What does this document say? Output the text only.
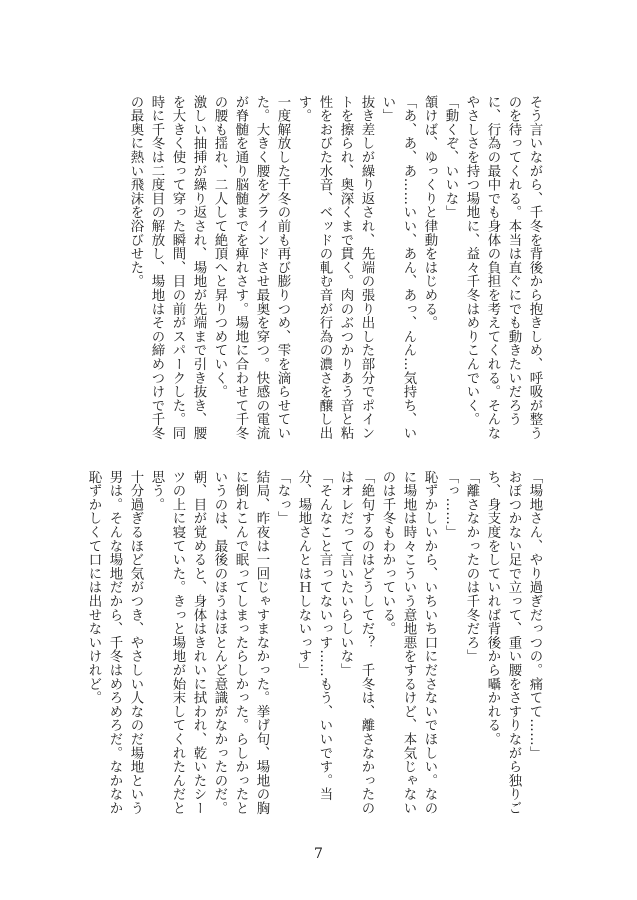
そう言いながら、千冬を背後から抱きしめ、呼吸が整うのを待ってくれる。本当は直ぐにでも動きたいだろうに、行為の最中でも身体の負担を考えてくれる。そんなやさしさを持つ場地に、益々千冬はめりこんでいく。

「動くぞ、いいな」

頷けば、ゆっくりと律動をはじめる。

「あ、あ、あ……いい、あん、あっ、んん…気持ち、いい」

抜き差しが繰り返され、先端の張り出した部分でポイントを擦られ、奥深くまで貫く。肉のぶつかりあう音と粘性をおびた水音、ベッドの軋む音が行為の濃さを醸し出す。

一度解放した千冬の前も再び膨りつめ、雫を滴らせていた。大きく腰をグラインドさせ最奥を穿つ。快感の電流が脊髄を通り脳髄までを痺れさす。場地に合わせて千冬の腰も揺れ、二人して絶頂へと昇りつめていく。

激しい抽挿が繰り返され、場地が先端まで引き抜き、腰を大きく使って穿った瞬間、目の前がスパークした。同時に千冬は二度目の解放し、場地はその締めつけで千冬の最奥に熱い飛沫を浴びせた。

「場地さん、やり過ぎだっつの。痛てて……」

おぼつかない足で立って、重い腰をさすりながら独りごち、身支度をしていれば背後から囁かれる。

「離さなかったのは千冬だろ」

「っ……」

恥ずかしいから、いちいち口にださないでほしい。なのに場地は時々こういう意地悪をするけど、本気じゃないのは千冬もわかっている。

「絶句するのはどうしてだ？　千冬は、離さなかったのはオレだって言いたいらしいな」

「そんなこと言ってないっす……もう、いいです。当分、場地さんとはＨしないっす」

「なっ」

結局、昨夜は一回じゃすまなかった。挙げ句、場地の胸に倒れこんで眠ってしまったらしかった。らしかったというのは、最後のほうはほとんど意識がなかったのだ。

朝、目が覚めると、身体はきれいに拭われ、乾いたシーツの上に寝ていた。きっと場地が始末してくれたんだと思う。

十分過ぎるほど気がつき、やさしい人なのだ場地という男は。そんな場地だから、千冬はめろめろだ。なかなか恥ずかしくて口には出せないけれど。

7
